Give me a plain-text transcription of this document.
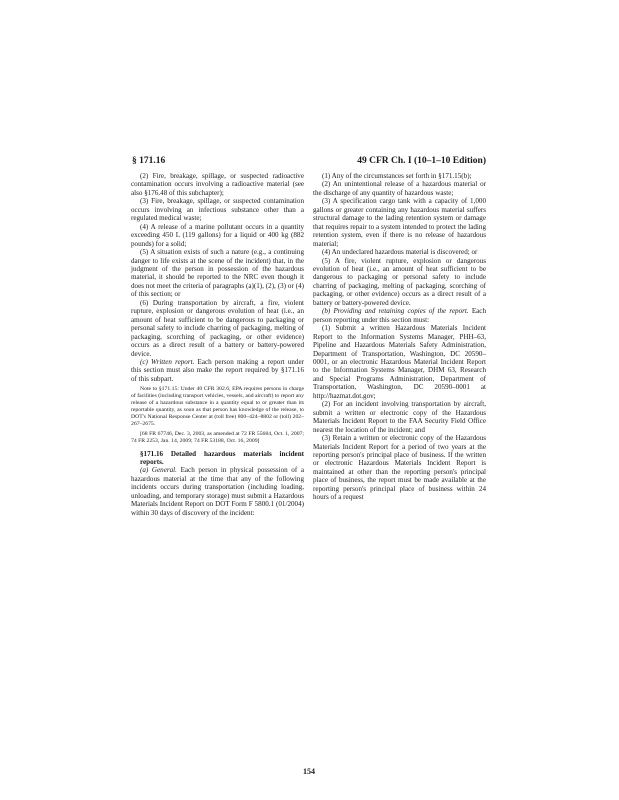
§ 171.16	49 CFR Ch. I (10–1–10 Edition)

(2) Fire, breakage, spillage, or suspected radioactive contamination occurs involving a radioactive material (see also §176.48 of this subchapter);

(3) Fire, breakage, spillage, or suspected contamination occurs involving an infectious substance other than a regulated medical waste;

(4) A release of a marine pollutant occurs in a quantity exceeding 450 L (119 gallons) for a liquid or 400 kg (882 pounds) for a solid;

(5) A situation exists of such a nature (e.g., a continuing danger to life exists at the scene of the incident) that, in the judgment of the person in possession of the hazardous material, it should be reported to the NRC even though it does not meet the criteria of paragraphs (a)(1), (2), (3) or (4) of this section; or

(6) During transportation by aircraft, a fire, violent rupture, explosion or dangerous evolution of heat (i.e., an amount of heat sufficient to be dangerous to packaging or personal safety to include charring of packaging, melting of packaging, scorching of packaging, or other evidence) occurs as a direct result of a battery or battery-powered device.

(c) Written report. Each person making a report under this section must also make the report required by §171.16 of this subpart.

Note to §171.15: Under 40 CFR 302.6, EPA requires persons in charge of facilities (including transport vehicles, vessels, and aircraft) to report any release of a hazardous substance in a quantity equal to or greater than its reportable quantity, as soon as that person has knowledge of the release, to DOT's National Response Center at (toll free) 800–424–8802 or (toll) 202–267–2675.

[68 FR 67746, Dec. 3, 2003, as amended at 72 FR 55684, Oct. 1, 2007; 74 FR 2253, Jan. 14, 2009; 74 FR 53188, Oct. 16, 2009]

§171.16 Detailed hazardous materials incident reports.

(a) General. Each person in physical possession of a hazardous material at the time that any of the following incidents occurs during transportation (including loading, unloading, and temporary storage) must submit a Hazardous Materials Incident Report on DOT Form F 5800.1 (01/2004) within 30 days of discovery of the incident:

(1) Any of the circumstances set forth in §171.15(b);

(2) An unintentional release of a hazardous material or the discharge of any quantity of hazardous waste;

(3) A specification cargo tank with a capacity of 1,000 gallons or greater containing any hazardous material suffers structural damage to the lading retention system or damage that requires repair to a system intended to protect the lading retention system, even if there is no release of hazardous material;

(4) An undeclared hazardous material is discovered; or

(5) A fire, violent rupture, explosion or dangerous evolution of heat (i.e., an amount of heat sufficient to be dangerous to packaging or personal safety to include charring of packaging, melting of packaging, scorching of packaging, or other evidence) occurs as a direct result of a battery or battery-powered device.

(b) Providing and retaining copies of the report. Each person reporting under this section must:

(1) Submit a written Hazardous Materials Incident Report to the Information Systems Manager, PHH–63, Pipeline and Hazardous Materials Safety Administration, Department of Transportation, Washington, DC 20590–0001, or an electronic Hazardous Material Incident Report to the Information Systems Manager, DHM 63, Research and Special Programs Administration, Department of Transportation, Washington, DC 20590–0001 at http://hazmat.dot.gov;

(2) For an incident involving transportation by aircraft, submit a written or electronic copy of the Hazardous Materials Incident Report to the FAA Security Field Office nearest the location of the incident; and

(3) Retain a written or electronic copy of the Hazardous Materials Incident Report for a period of two years at the reporting person's principal place of business. If the written or electronic Hazardous Materials Incident Report is maintained at other than the reporting person's principal place of business, the report must be made available at the reporting person's principal place of business within 24 hours of a request

154
